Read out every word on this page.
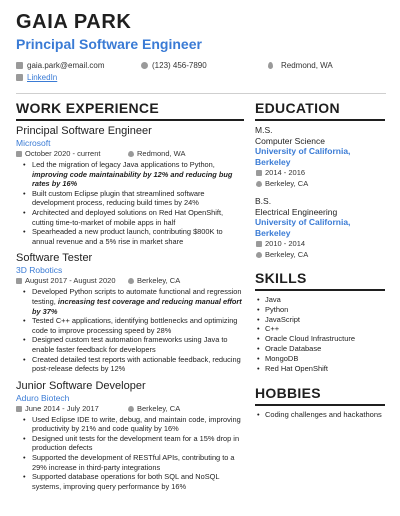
GAIA PARK
Principal Software Engineer
gaia.park@email.com	(123) 456-7890	Redmond, WA
LinkedIn
WORK EXPERIENCE
Principal Software Engineer
Microsoft
October 2020 - current	Redmond, WA
• Led the migration of legacy Java applications to Python, improving code maintainability by 12% and reducing bug rates by 16%
• Built custom Eclipse plugin that streamlined software development process, reducing build times by 24%
• Architected and deployed solutions on Red Hat OpenShift, cutting time-to-market of mobile apps in half
• Spearheaded a new product launch, contributing $800K to annual revenue and a 5% rise in market share
Software Tester
3D Robotics
August 2017 - August 2020	Berkeley, CA
• Developed Python scripts to automate functional and regression testing, increasing test coverage and reducing manual effort by 37%
• Tested C++ applications, identifying bottlenecks and optimizing code to improve processing speed by 28%
• Designed custom test automation frameworks using Java to enable faster feedback for developers
• Created detailed test reports with actionable feedback, reducing post-release defects by 12%
Junior Software Developer
Aduro Biotech
June 2014 - July 2017	Berkeley, CA
• Used Eclipse IDE to write, debug, and maintain code, improving productivity by 21% and code quality by 16%
• Designed unit tests for the development team for a 15% drop in production defects
• Supported the development of RESTful APIs, contributing to a 29% increase in third-party integrations
• Supported database operations for both SQL and NoSQL systems, improving query performance by 16%
EDUCATION
M.S.
Computer Science
University of California, Berkeley
2014 - 2016
Berkeley, CA
B.S.
Electrical Engineering
University of California, Berkeley
2010 - 2014
Berkeley, CA
SKILLS
• Java
• Python
• JavaScript
• C++
• Oracle Cloud Infrastructure
• Oracle Database
• MongoDB
• Red Hat OpenShift
HOBBIES
• Coding challenges and hackathons
